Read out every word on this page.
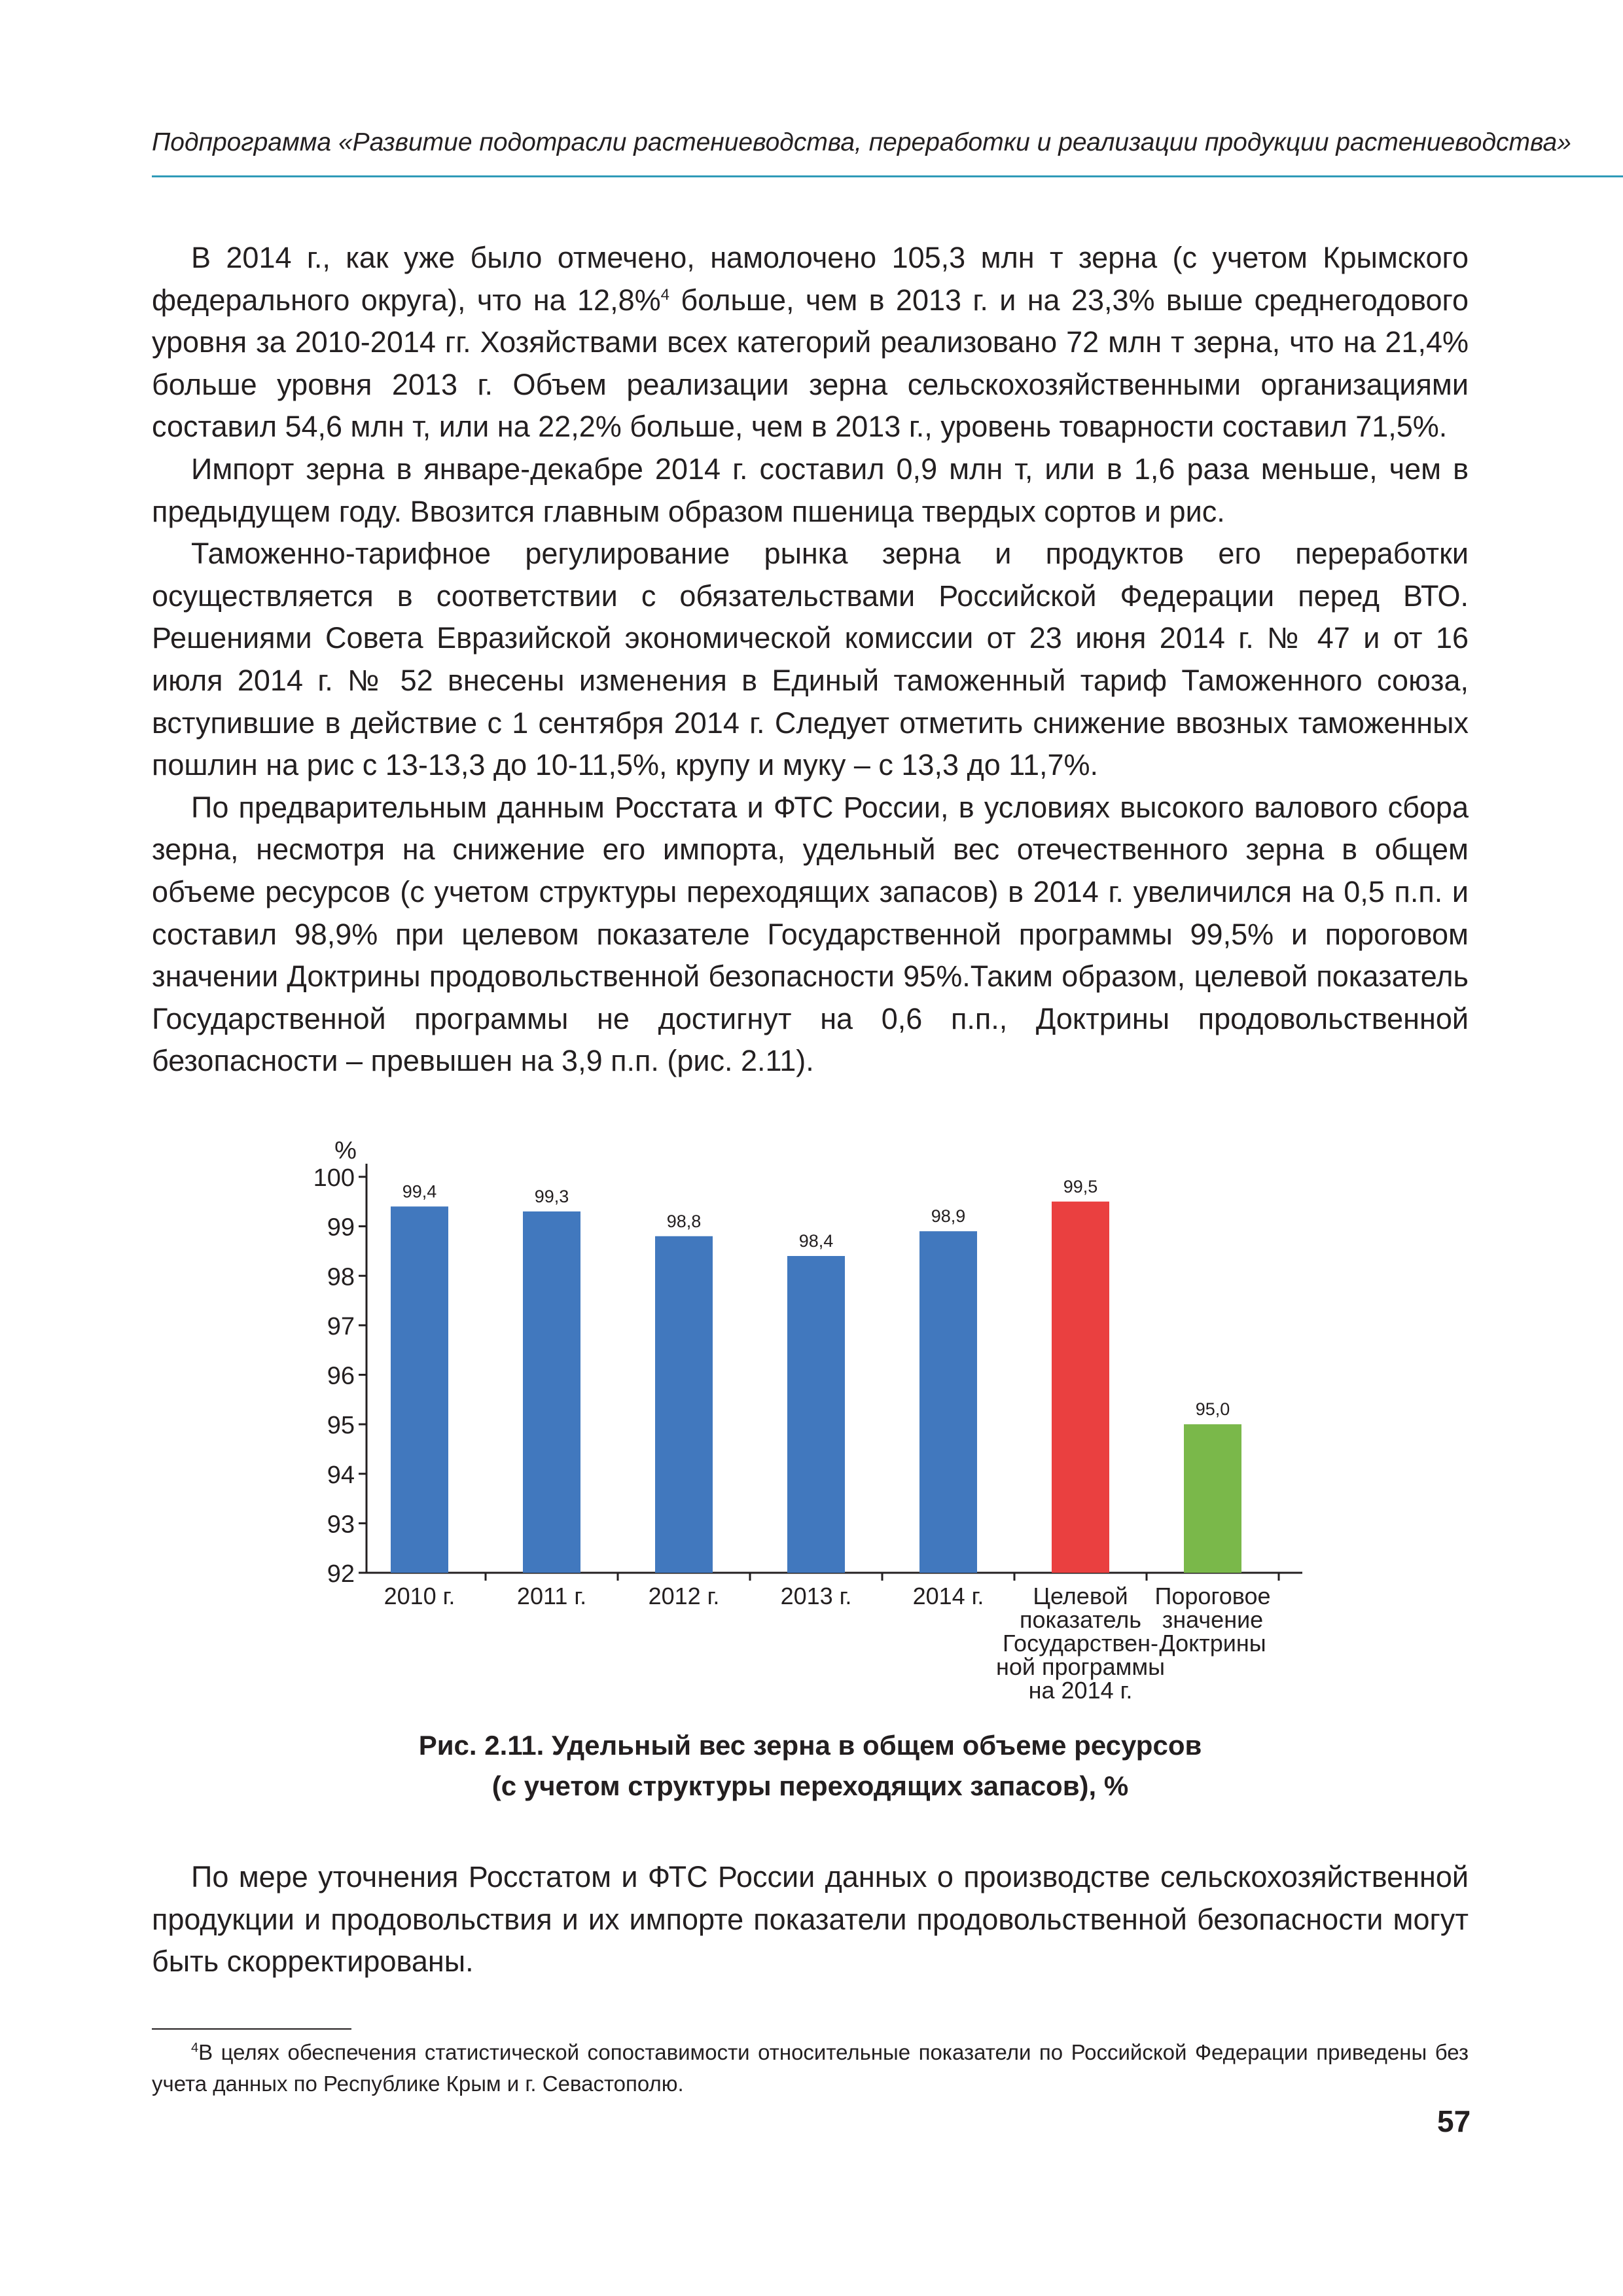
Подпрограмма «Развитие подотрасли растениеводства, переработки и реализации продукции растениеводства»

В 2014 г., как уже было отмечено, намолочено 105,3 млн т зерна (с учетом Крымского федерального округа), что на 12,8%$^4$ больше, чем в 2013 г. и на 23,3% выше среднегодового уровня за 2010-2014 гг. Хозяйствами всех категорий реализовано 72 млн т зерна, что на 21,4% больше уровня 2013 г. Объем реализации зерна сельскохозяйственными организациями составил 54,6 млн т, или на 22,2% больше, чем в 2013 г., уровень товарности составил 71,5%.

Импорт зерна в январе-декабре 2014 г. составил 0,9 млн т, или в 1,6 раза меньше, чем в предыдущем году. Ввозится главным образом пшеница твердых сортов и рис.

Таможенно-тарифное регулирование рынка зерна и продуктов его переработки осуществляется в соответствии с обязательствами Российской Федерации перед ВТО. Решениями Совета Евразийской экономической комиссии от 23 июня 2014 г. № 47 и от 16 июля 2014 г. № 52 внесены изменения в Единый таможенный тариф Таможенного союза, вступившие в действие с 1 сентября 2014 г. Следует отметить снижение ввозных таможенных пошлин на рис с 13-13,3 до 10-11,5%, крупу и муку – с 13,3 до 11,7%.

По предварительным данным Росстата и ФТС России, в условиях высокого валового сбора зерна, несмотря на снижение его импорта, удельный вес отечественного зерна в общем объеме ресурсов (с учетом структуры переходящих запасов) в 2014 г. увеличился на 0,5 п.п. и составил 98,9% при целевом показателе Государственной программы 99,5% и пороговом значении Доктрины продовольственной безопасности 95%.Таким образом, целевой показатель Государственной программы не достигнут на 0,6 п.п., Доктрины продовольственной безопасности – превышен на 3,9 п.п. (рис. 2.11).

92
93
94
95
96
97
98
99
100
%
99,4
2010 г.
99,3
2011 г.
98,8
2012 г.
98,4
2013 г.
98,9
2014 г.
99,5
Целевой
показатель
Государствен-
ной программы
на 2014 г.
95,0
Пороговое
значение
Доктрины
Рис. 2.11. Удельный вес зерна в общем объеме ресурсов
(с учетом структуры переходящих запасов), %

По мере уточнения Росстатом и ФТС России данных о производстве сельскохозяйственной продукции и продовольствия и их импорте показатели продовольственной безопасности могут быть скорректированы.

$^4$В целях обеспечения статистической сопоставимости относительные показатели по Российской Федерации приведены без учета данных по Республике Крым и г. Севастополю.
57
